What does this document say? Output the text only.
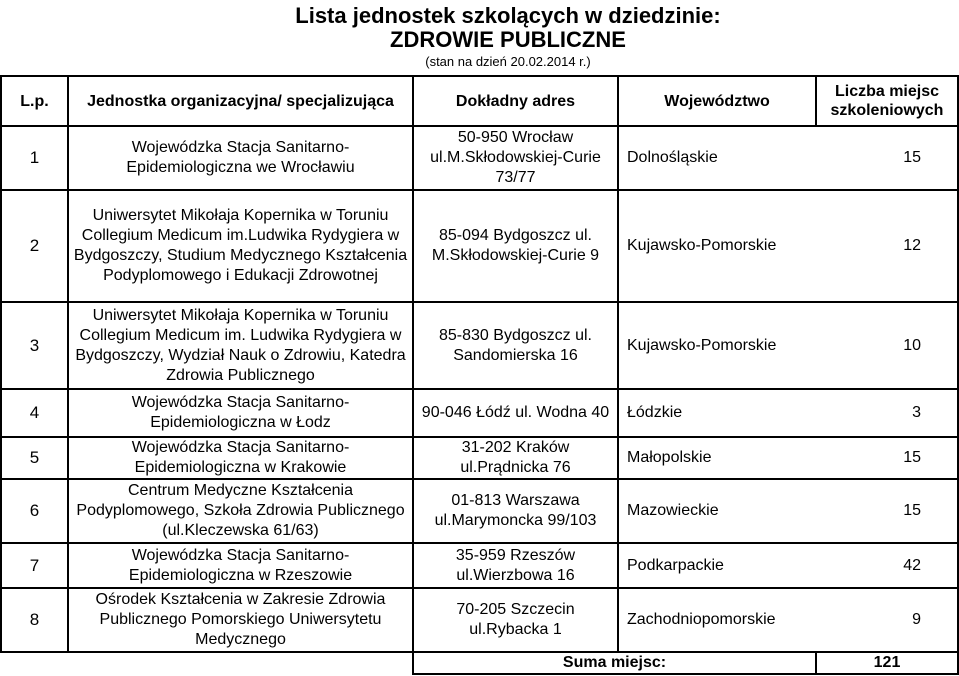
Lista jednostek szkolących w dziedzinie:
ZDROWIE PUBLICZNE
(stan na dzień 20.02.2014 r.)
L.p.	Jednostka organizacyjna/ specjalizująca	Dokładny adres	Województwo	Liczba miejsc szkoleniowych
1	Wojewódzka Stacja Sanitarno-Epidemiologiczna we Wrocławiu	50-950 Wrocław ul.M.Skłodowskiej-Curie 73/77	Dolnośląskie 15	

2	Uniwersytet Mikołaja Kopernika w Toruniu Collegium Medicum im.Ludwika Rydygiera w Bydgoszczy, Studium Medycznego Kształcenia Podyplomowego i Edukacji Zdrowotnej	85-094 Bydgoszcz ul. M.Skłodowskiej-Curie 9	Kujawsko-Pomorskie 12	

3	Uniwersytet Mikołaja Kopernika w Toruniu Collegium Medicum im. Ludwika Rydygiera w Bydgoszczy, Wydział Nauk o Zdrowiu, Katedra Zdrowia Publicznego	85-830 Bydgoszcz ul. Sandomierska 16	Kujawsko-Pomorskie 10	

4	Wojewódzka Stacja Sanitarno-Epidemiologiczna w Łodz	90-046 Łódź ul. Wodna 40	Łódzkie 3	

5	Wojewódzka Stacja Sanitarno-Epidemiologiczna w Krakowie	31-202 Kraków ul.Prądnicka 76	Małopolskie 15	

6	Centrum Medyczne Kształcenia Podyplomowego, Szkoła Zdrowia Publicznego (ul.Kleczewska 61/63)	01-813 Warszawa ul.Marymoncka 99/103	Mazowieckie 15	

7	Wojewódzka Stacja Sanitarno-Epidemiologiczna w Rzeszowie	35-959 Rzeszów ul.Wierzbowa 16	Podkarpackie 42	

8	Ośrodek Kształcenia w Zakresie Zdrowia Publicznego Pomorskiego Uniwersytetu Medycznego	70-205 Szczecin ul.Rybacka 1	Zachodniopomorskie 9	

		Suma miejsc:		121
